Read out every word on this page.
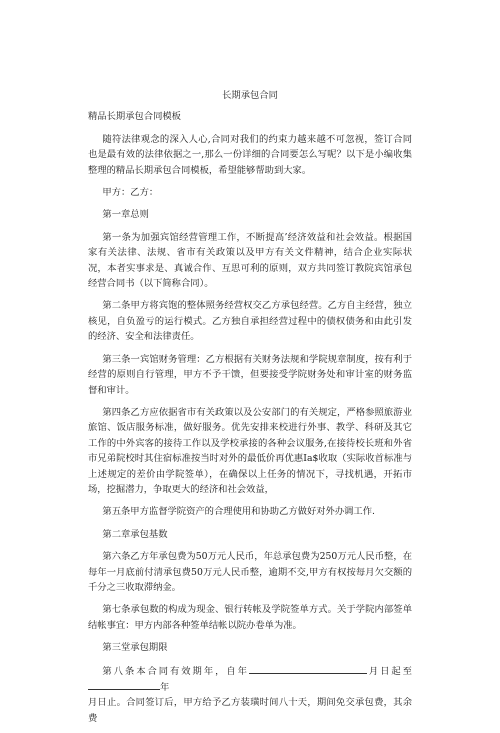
长期承包合同

精品长期承包合同模板

随符法律观念的深入人心,合同对我们的约束力越来越不可忽视，签订合同也是最有效的法律依据之一,那么一份详细的合同要怎么写呢？以下是小编收集整理的精品长期承包合同模板，希望能够帮助到大家。

甲方：乙方：

第一章总则

第一条为加强宾馆经营管理工作，不断提高’经济效益和社会效益。根据国家有关法律、法规、省市有关政策以及甲方有关文件精神，结合企业实际状况，本者实事求是、真诚合作、互思可利的原则，双方共同签订教院宾馆承包经营合同书（以下简称合同）。

第二条甲方将宾饱的整体照务经营权交乙方承包经营。乙方自主经营，独立核见，自负盈亏的运行模式。乙方独自承担经营过程中的债权债务和由此引发的经济、安全和法律责任。

第三条一宾馆财务管理：乙方根据有关财务法规和学院规章制度，按有利于经营的原则自行管理，甲方不予干馈，但要接受学院财务处和审计室的财务监督和审计。

第四条乙方应依据省市有关政策以及公安部门的有关规定，严格参照旅游业旅馆、饭店服务标准，做好服务。优先安排来校进行外事、教学、科研及其它工作的中外宾客的接待工作以及学校承接的各种会议服务,在接待校长班和外省市兄弟院校时其住宿标准按当时对外的最低价再优惠Ia$收取（实际收首标准与上述规定的差价由学院签单），在确保以上任务的情况下，寻找机遇，开拓市场，挖掘潜力，争取更大的经济和社会效益，

第五条甲方监督学院资产的合理使用和协助乙方做好对外办调工作.

第二章承包基数

第六条乙方年承包费为50万元人民币，年总承包费为250万元人民币整，在每年一月底前付清承包费50万元人民币整，逾期不交,甲方有权按每月欠交额的千分之三收取滞纳金。

第七条承包数的构成为现金、银行转帐及学院签单方式。关于学院内部签单结帐事宜：甲方内部各种签单结帐以院办卷单为准。

第三堂承包期限

第八条本合同有效期年，自年	月日起至年
月日止。合同签订后，甲方给予乙方装璜时间八十天，期间免交承包费，其余费
